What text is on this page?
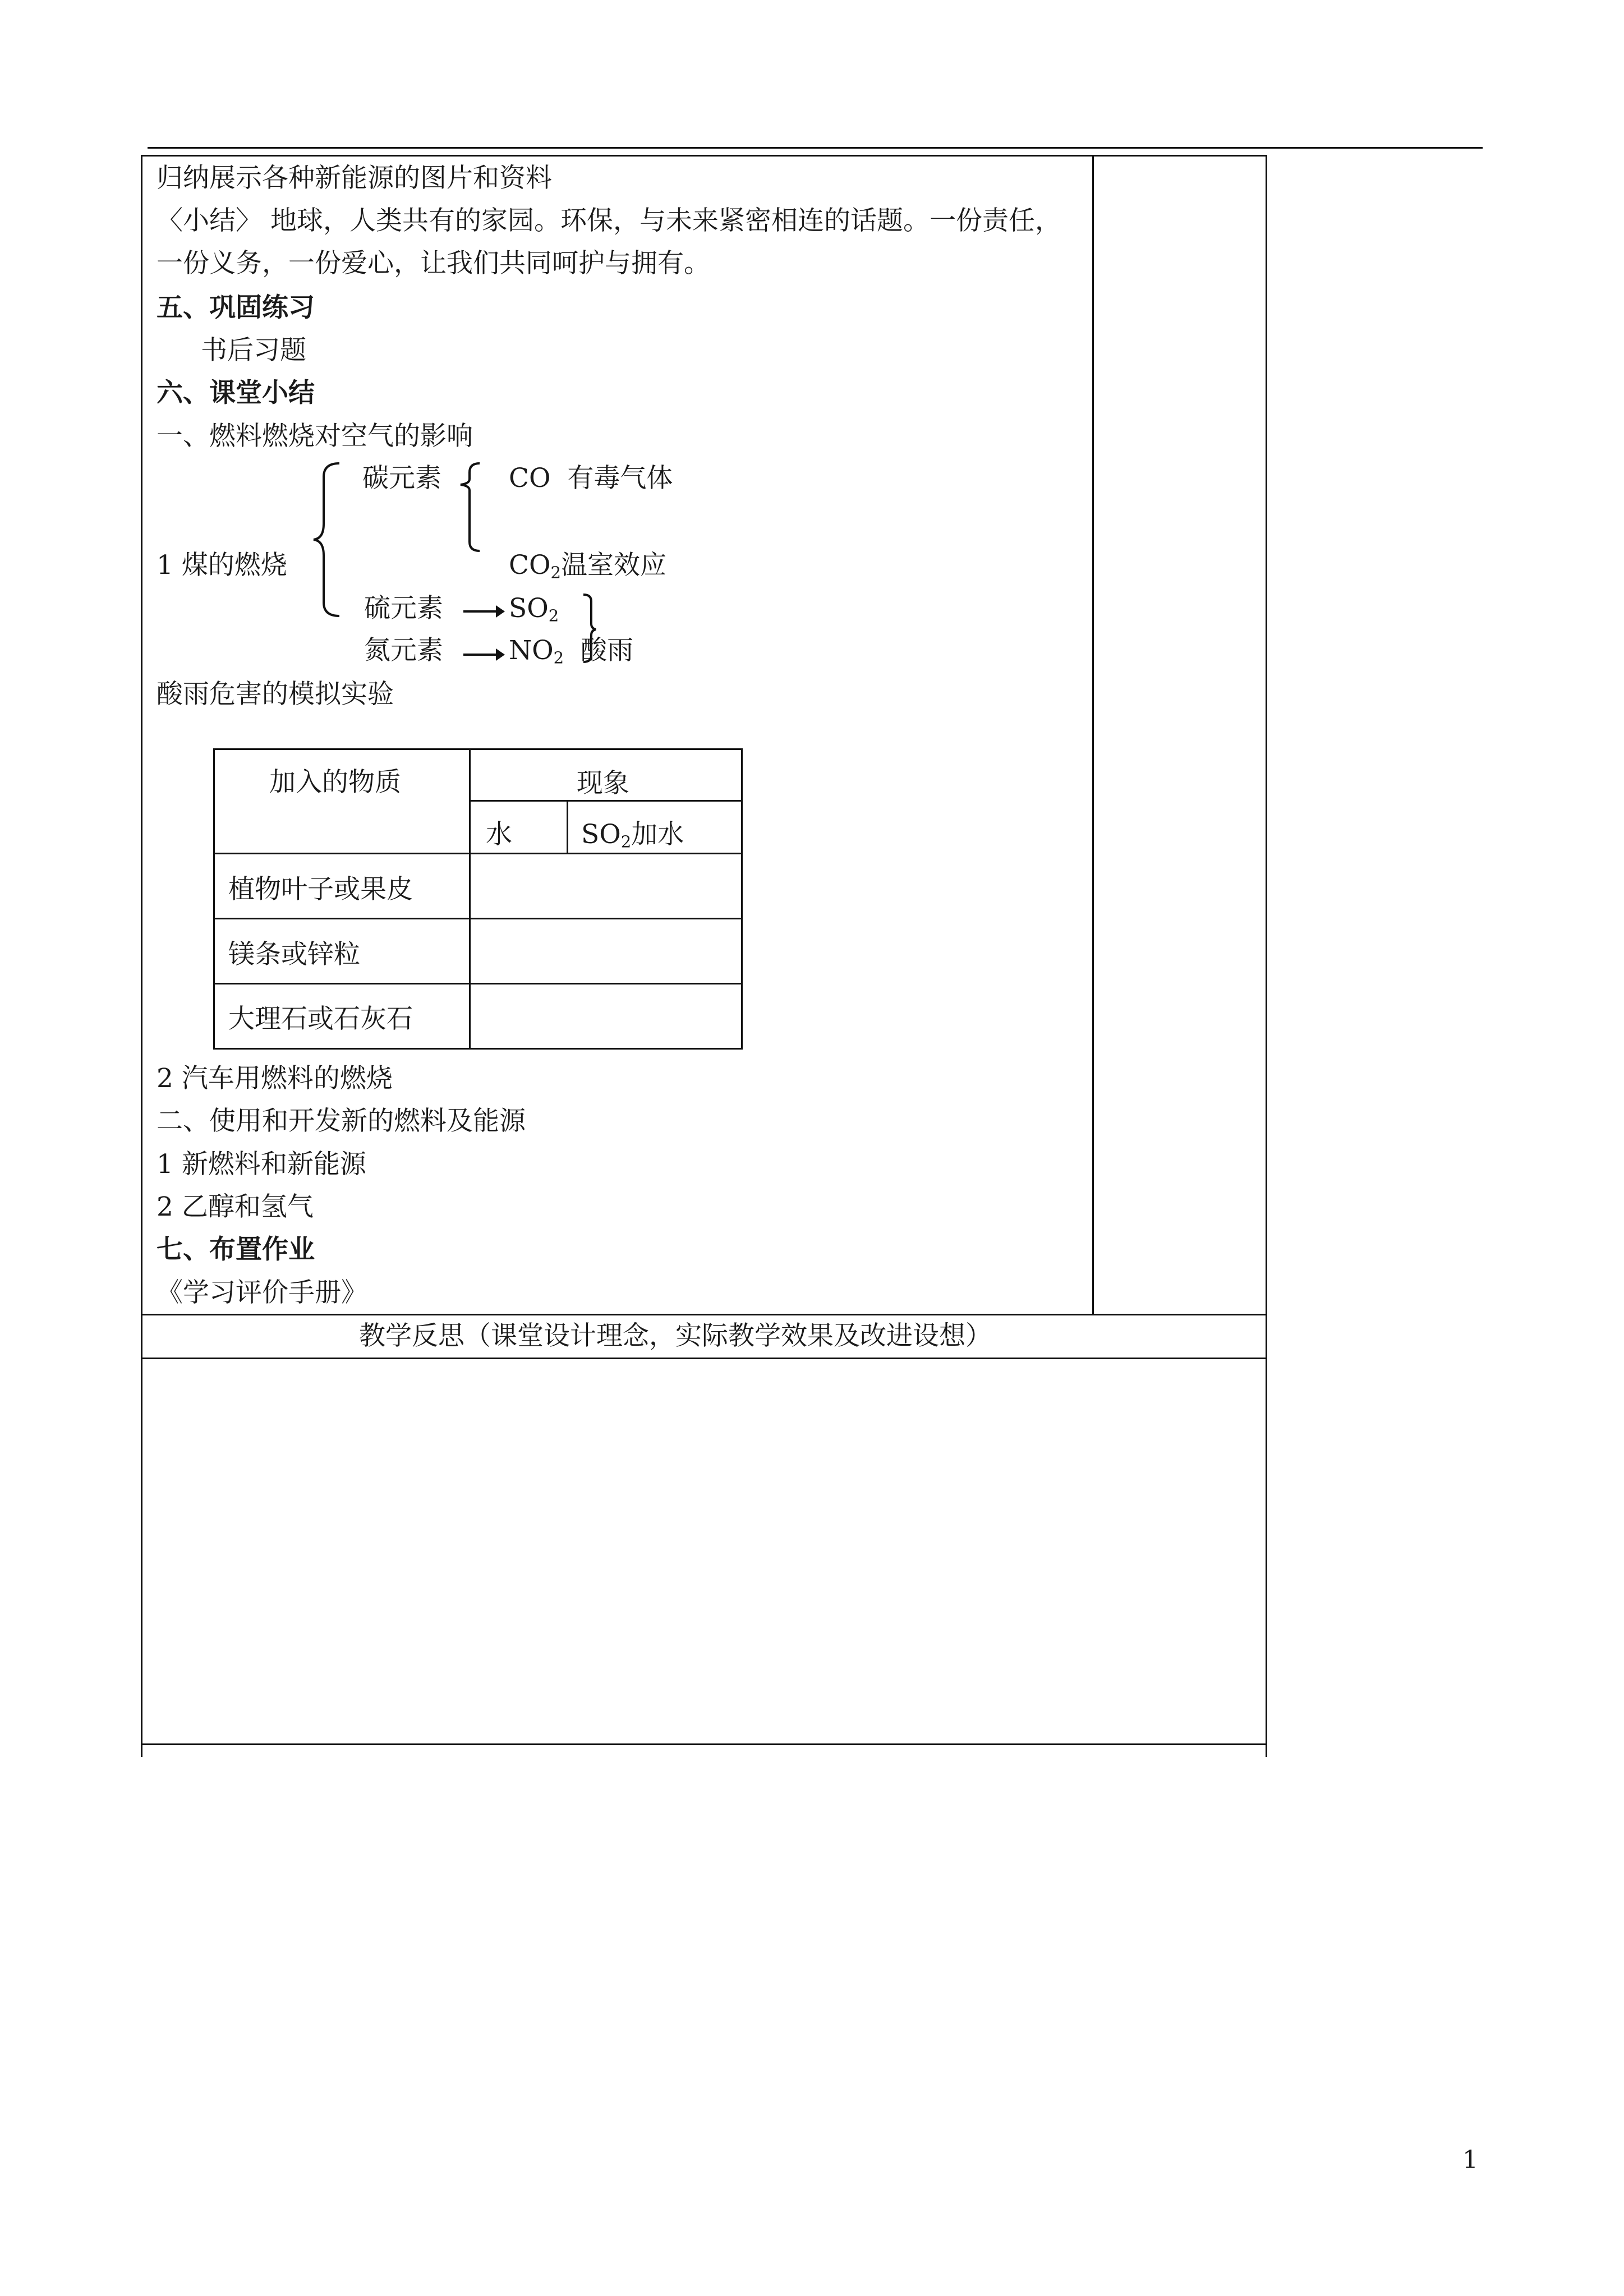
归纳展示各种新能源的图片和资料
〈小结〉 地球，人类共有的家园。环保，与未来紧密相连的话题。一份责任，
一份义务，一份爱心，让我们共同呵护与拥有。
五、巩固练习
书后习题
六、课堂小结
一、燃料燃烧对空气的影响
1 煤的燃烧
碳元素	CO 有毒气体
$CO_2$温室效应
硫元素 $SO_2$
氮元素 $NO_2$ 酸雨
酸雨危害的模拟实验
加入的物质	现象
水	$SO_2$加水
植物叶子或果皮
镁条或锌粒
大理石或石灰石
2 汽车用燃料的燃烧
二、使用和开发新的燃料及能源
1 新燃料和新能源
2 乙醇和氢气
七、布置作业
《学习评价手册》
教学反思（课堂设计理念，实际教学效果及改进设想）
1
